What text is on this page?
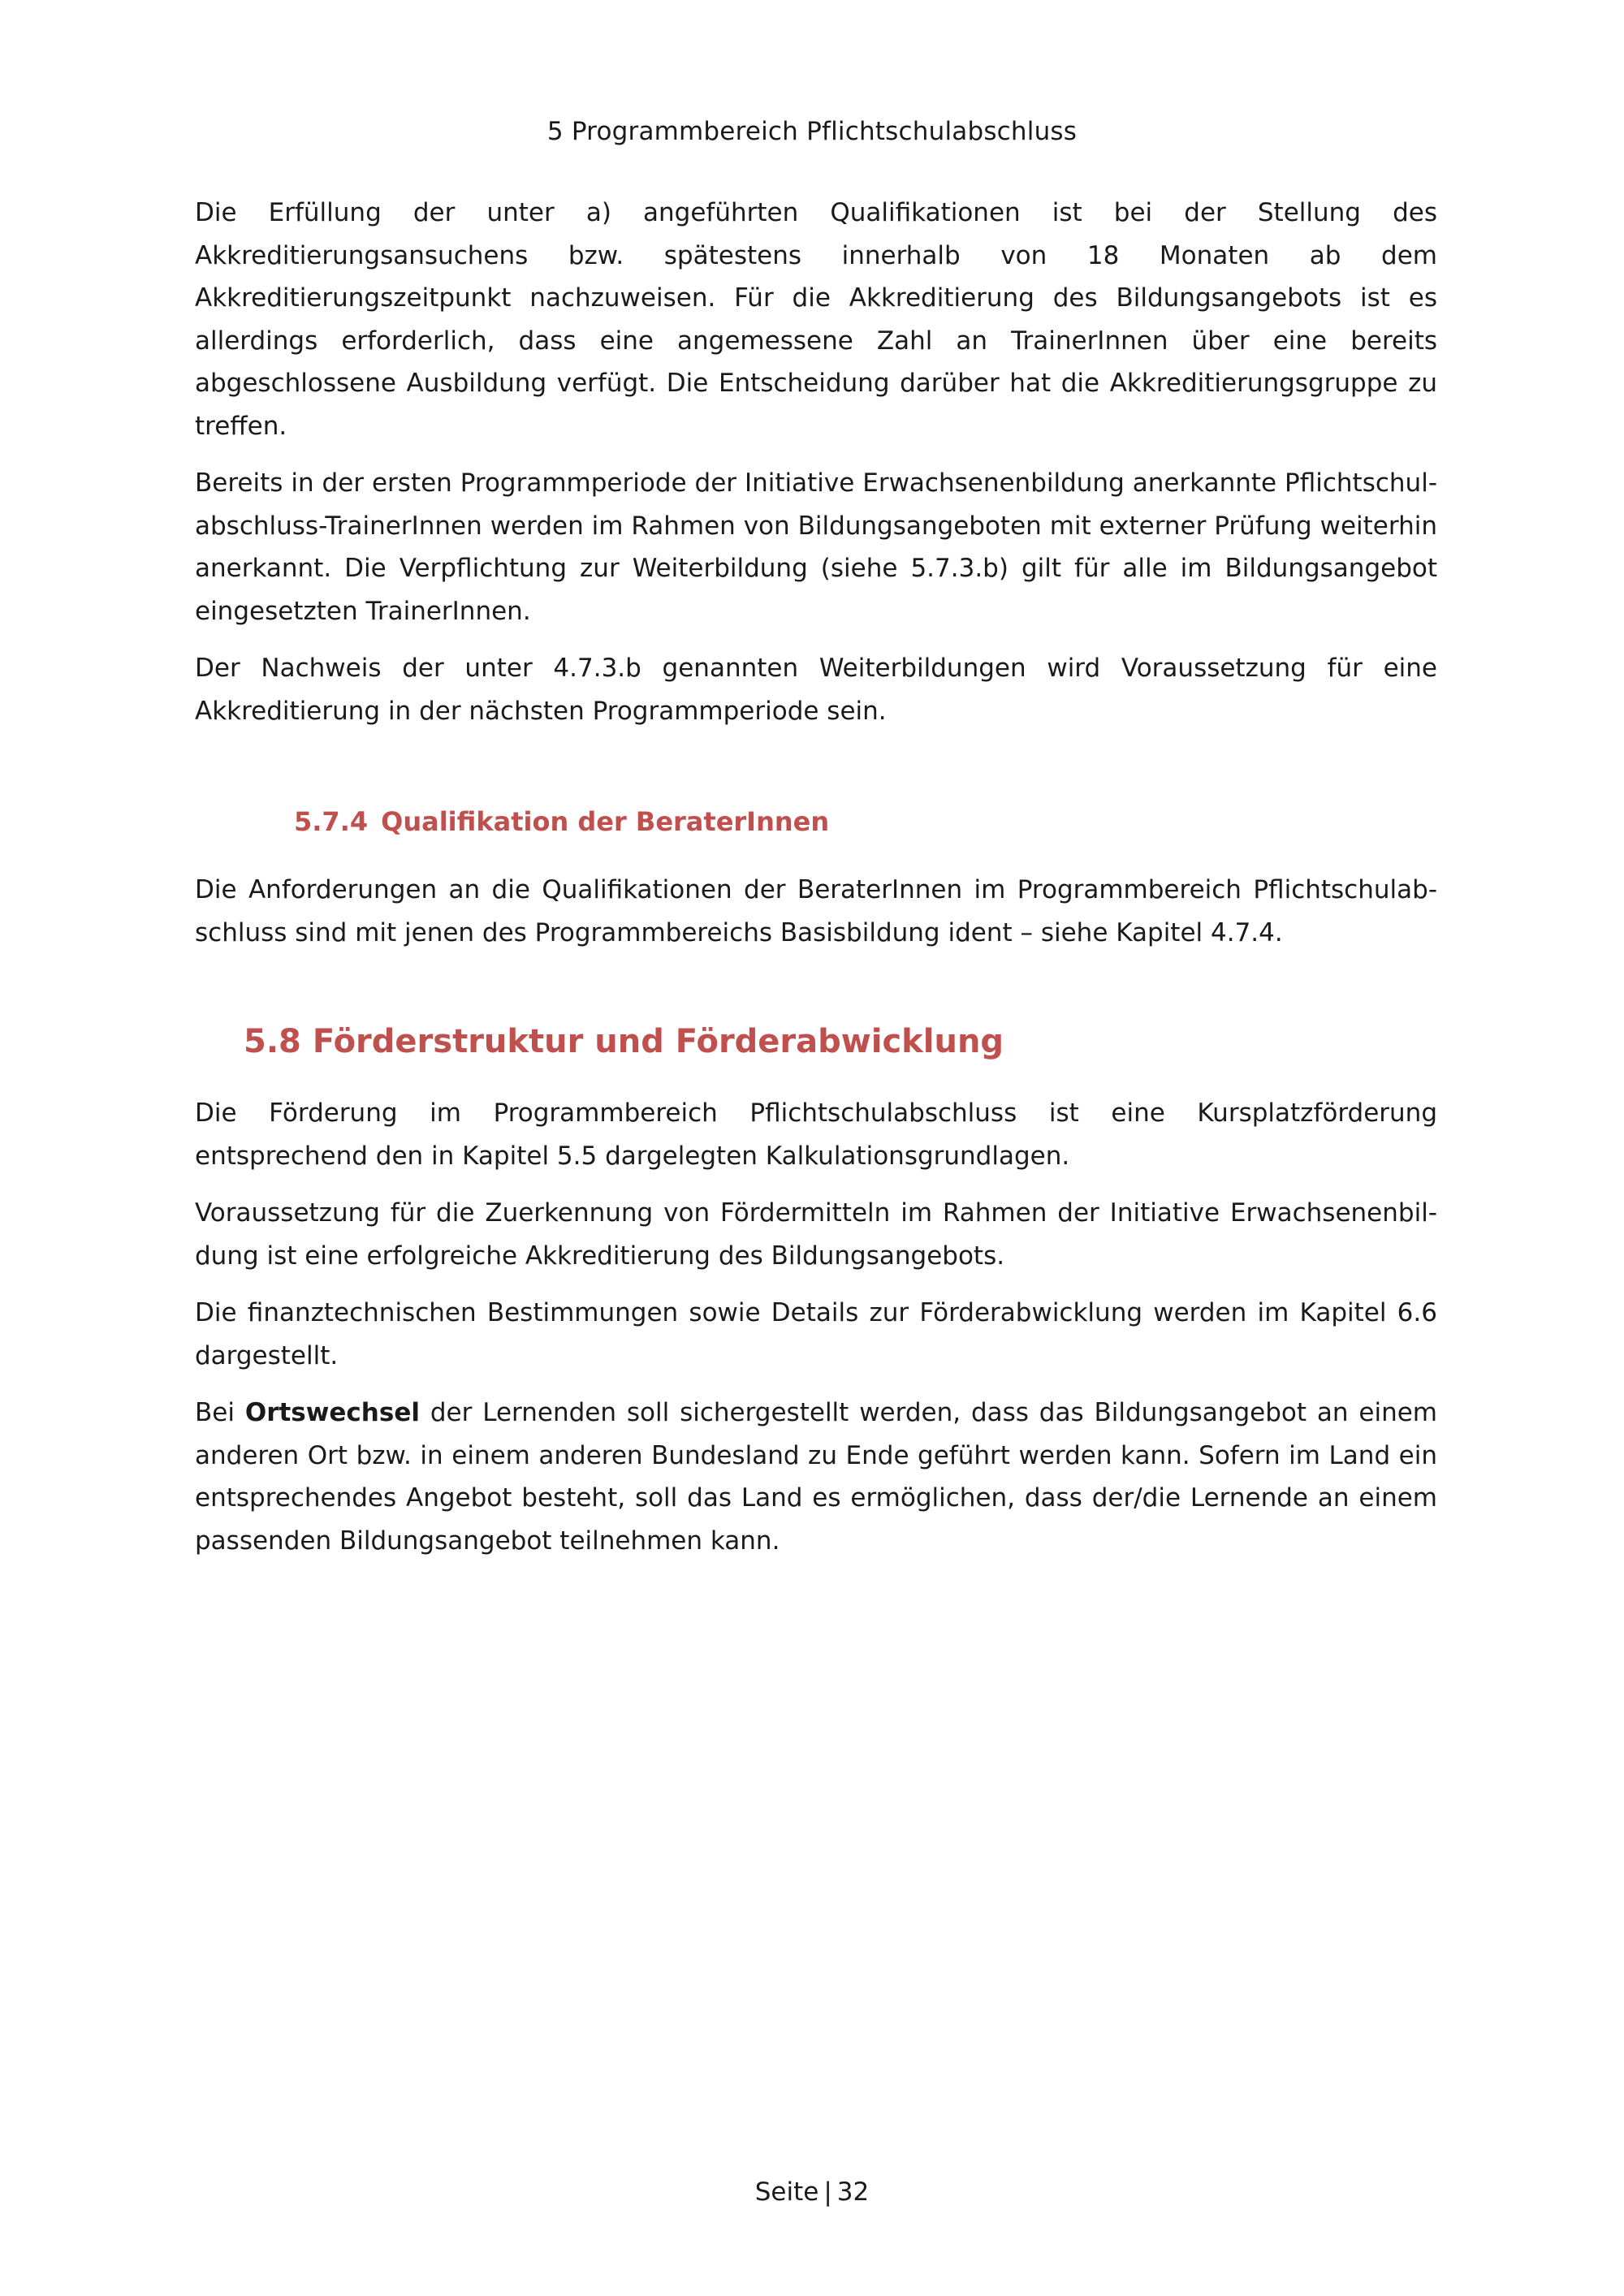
5 Programmbereich Pflichtschulabschluss

Die Erfüllung der unter a) angeführten Qualifikationen ist bei der Stellung des Akkreditierungsansuchens bzw. spätestens innerhalb von 18 Monaten ab dem Akkreditierungszeitpunkt nachzuweisen. Für die Akkreditierung des Bildungsangebots ist es allerdings erforderlich, dass eine angemessene Zahl an TrainerInnen über eine bereits abgeschlossene Ausbildung verfügt. Die Entscheidung darüber hat die Akkreditierungsgruppe zu treffen.

Bereits in der ersten Programmperiode der Initiative Erwachsenenbildung anerkannte Pflichtschulabschluss-TrainerInnen werden im Rahmen von Bildungsangeboten mit externer Prüfung weiterhin anerkannt. Die Verpflichtung zur Weiterbildung (siehe 5.7.3.b) gilt für alle im Bildungsangebot eingesetzten TrainerInnen.

Der Nachweis der unter 4.7.3.b genannten Weiterbildungen wird Voraussetzung für eine Akkreditierung in der nächsten Programmperiode sein.

5.7.4 Qualifikation der BeraterInnen

Die Anforderungen an die Qualifikationen der BeraterInnen im Programmbereich Pflichtschulabschluss sind mit jenen des Programmbereichs Basisbildung ident – siehe Kapitel 4.7.4.

5.8 Förderstruktur und Förderabwicklung

Die Förderung im Programmbereich Pflichtschulabschluss ist eine Kursplatzförderung entsprechend den in Kapitel 5.5 dargelegten Kalkulationsgrundlagen.

Voraussetzung für die Zuerkennung von Fördermitteln im Rahmen der Initiative Erwachsenenbildung ist eine erfolgreiche Akkreditierung des Bildungsangebots.

Die finanztechnischen Bestimmungen sowie Details zur Förderabwicklung werden im Kapitel 6.6 dargestellt.

Bei Ortswechsel der Lernenden soll sichergestellt werden, dass das Bildungsangebot an einem anderen Ort bzw. in einem anderen Bundesland zu Ende geführt werden kann. Sofern im Land ein entsprechendes Angebot besteht, soll das Land es ermöglichen, dass der/die Lernende an einem passenden Bildungsangebot teilnehmen kann.

Seite | 32
